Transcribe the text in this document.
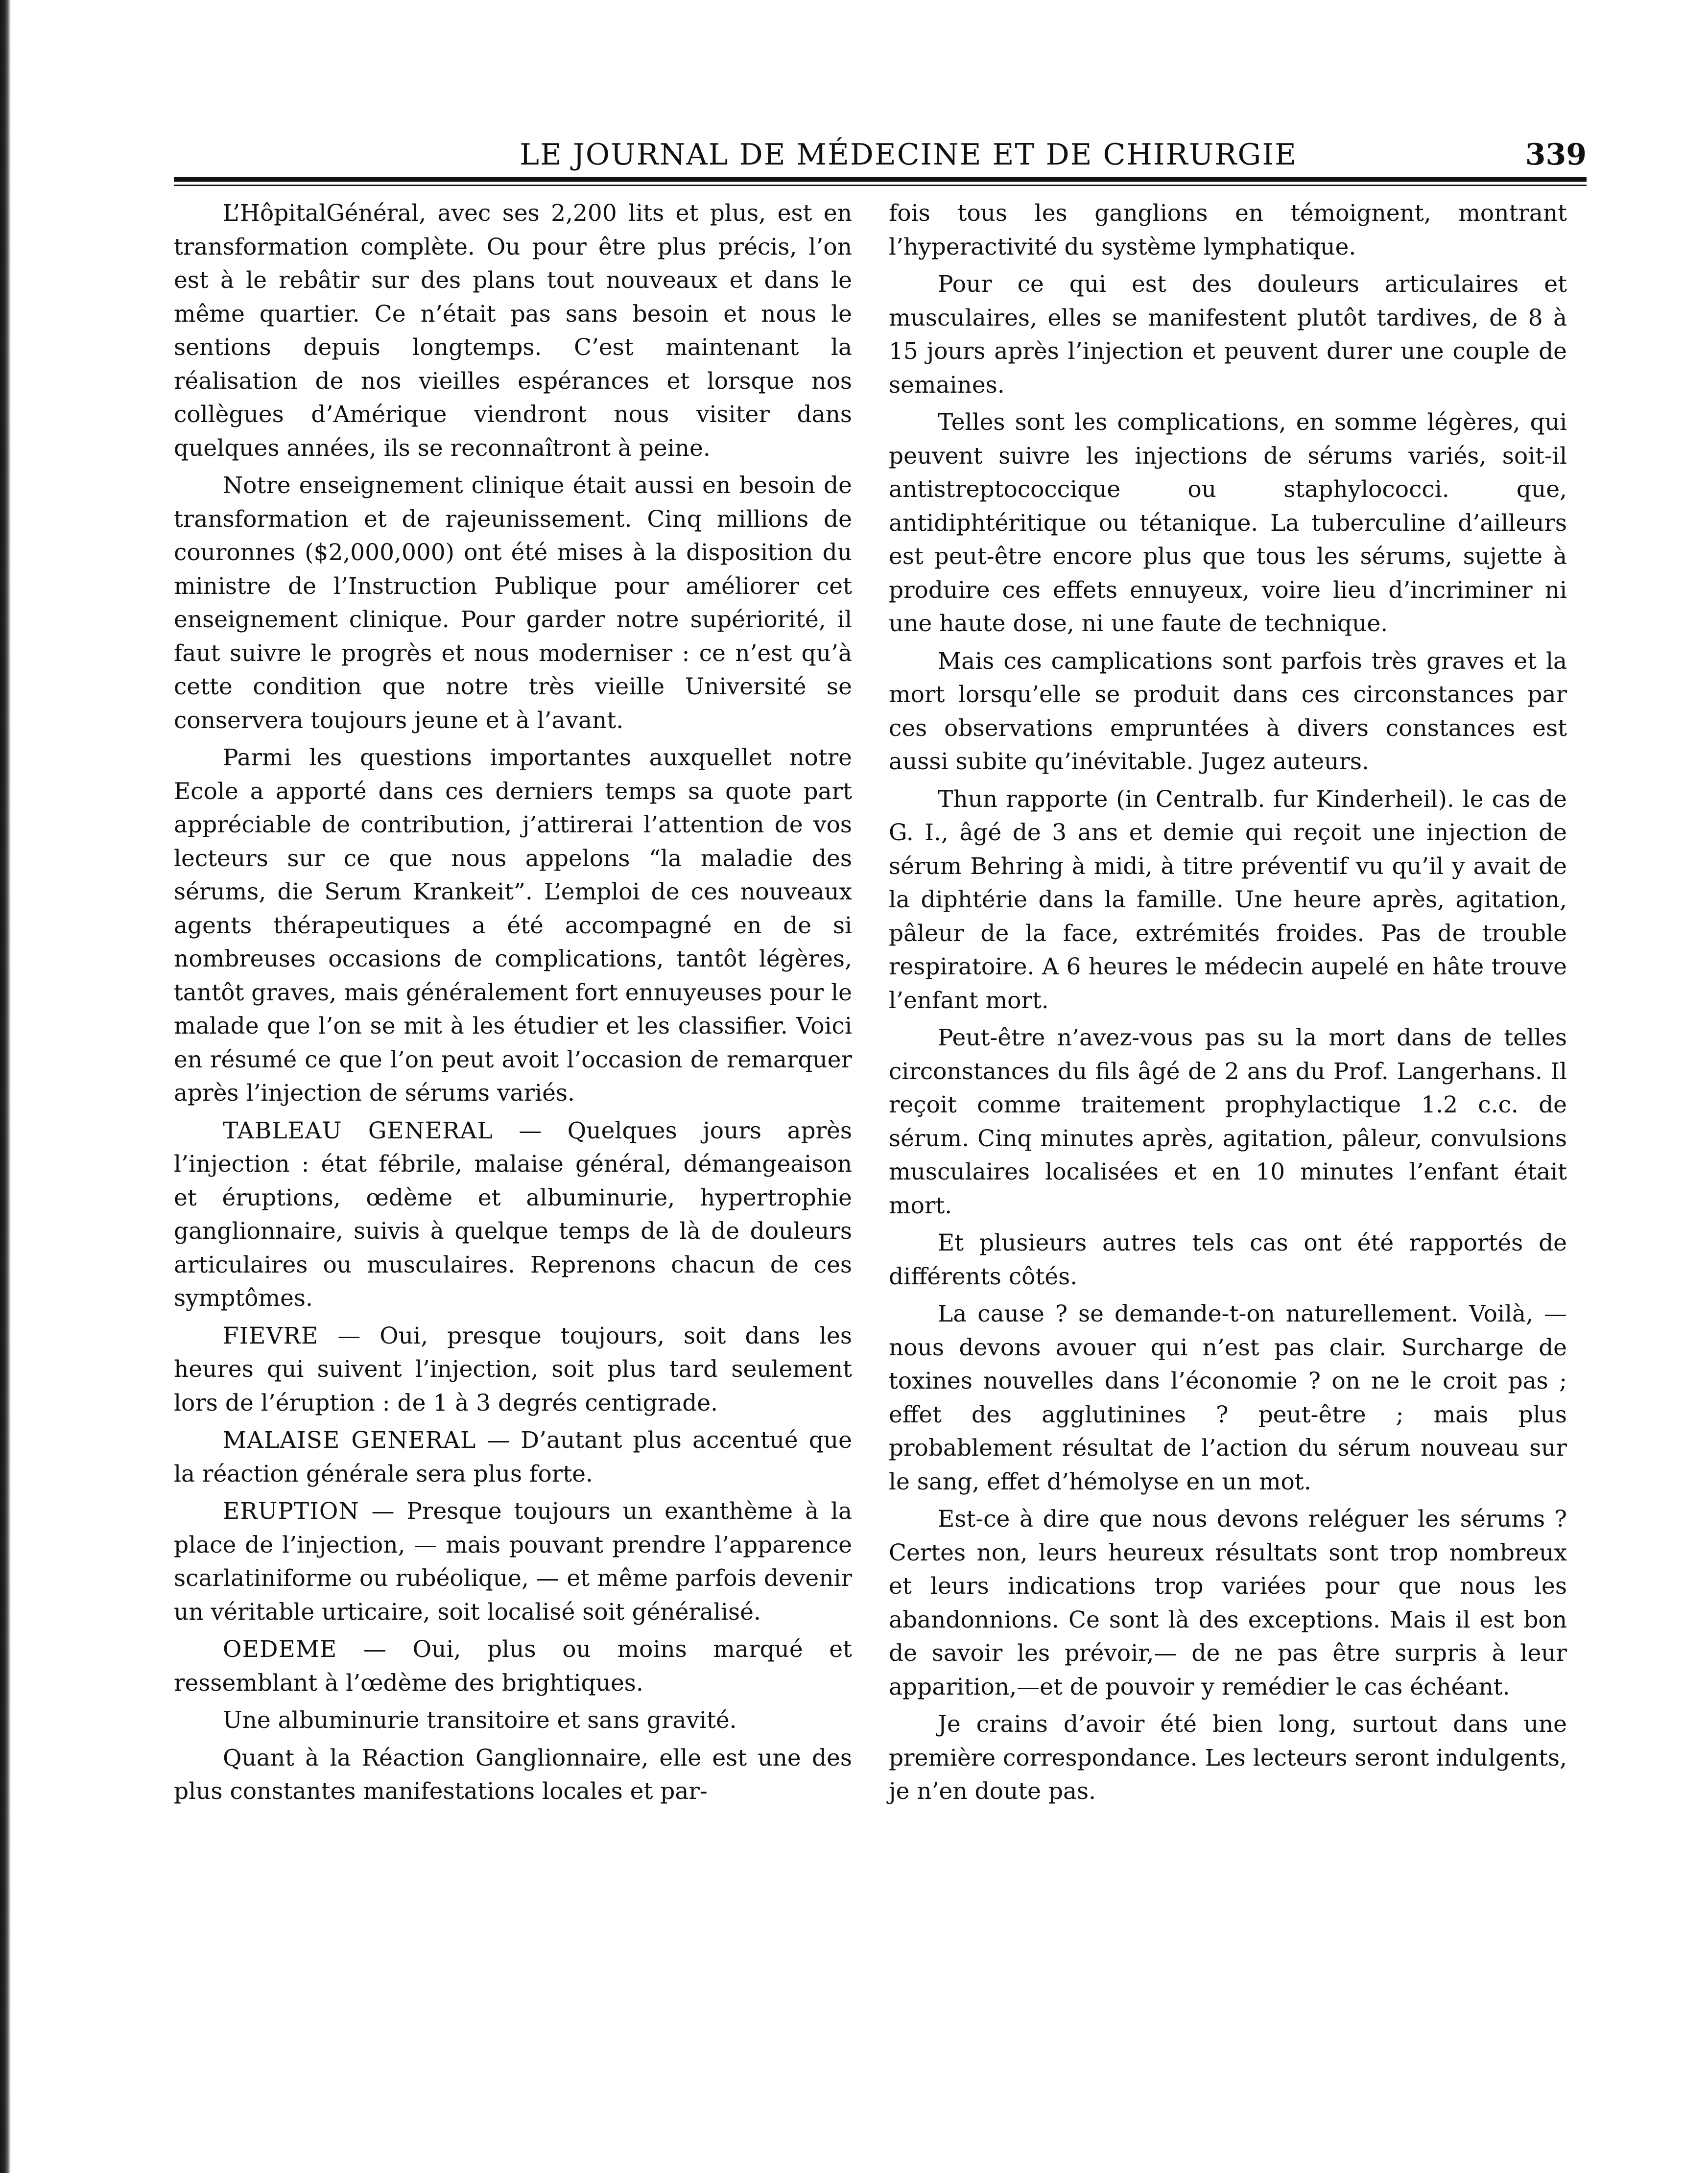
LE JOURNAL DE MÉDECINE ET DE CHIRURGIE	339

L’HôpitalGénéral, avec ses 2,200 lits et plus, est en transformation complète. Ou pour être plus précis, l’on est à le rebâtir sur des plans tout nouveaux et dans le même quartier. Ce n’était pas sans besoin et nous le sentions depuis longtemps. C’est maintenant la réalisation de nos vieilles espérances et lorsque nos collègues d’Amérique viendront nous visiter dans quelques années, ils se reconnaîtront à peine.

Notre enseignement clinique était aussi en besoin de transformation et de rajeunissement. Cinq millions de couronnes ($2,000,000) ont été mises à la disposition du ministre de l’Instruction Publique pour améliorer cet enseignement clinique. Pour garder notre supériorité, il faut suivre le progrès et nous moderniser : ce n’est qu’à cette condition que notre très vieille Université se conservera toujours jeune et à l’avant.

Parmi les questions importantes auxquellet notre Ecole a apporté dans ces derniers temps sa quote part appréciable de contribution, j’attirerai l’attention de vos lecteurs sur ce que nous appelons “la maladie des sérums, die Serum Krankeit”. L’emploi de ces nouveaux agents thérapeutiques a été accompagné en de si nombreuses occasions de complications, tantôt légères, tantôt graves, mais généralement fort ennuyeuses pour le malade que l’on se mit à les étudier et les classifier. Voici en résumé ce que l’on peut avoit l’occasion de remarquer après l’injection de sérums variés.

TABLEAU GENERAL — Quelques jours après l’injection : état fébrile, malaise général, démangeaison et éruptions, œdème et albuminurie, hypertrophie ganglionnaire, suivis à quelque temps de là de douleurs articulaires ou musculaires. Reprenons chacun de ces symptômes.

FIEVRE — Oui, presque toujours, soit dans les heures qui suivent l’injection, soit plus tard seulement lors de l’éruption : de 1 à 3 degrés centigrade.

MALAISE GENERAL — D’autant plus accentué que la réaction générale sera plus forte.

ERUPTION — Presque toujours un exanthème à la place de l’injection, — mais pouvant prendre l’apparence scarlatiniforme ou rubéolique, — et même parfois devenir un véritable urticaire, soit localisé soit généralisé.

OEDEME — Oui, plus ou moins marqué et ressemblant à l’œdème des brightiques.

Une albuminurie transitoire et sans gravité.

Quant à la Réaction Ganglionnaire, elle est une des plus constantes manifestations locales et par-

fois tous les ganglions en témoignent, montrant l’hyperactivité du système lymphatique.

Pour ce qui est des douleurs articulaires et musculaires, elles se manifestent plutôt tardives, de 8 à 15 jours après l’injection et peuvent durer une couple de semaines.

Telles sont les complications, en somme légères, qui peuvent suivre les injections de sérums variés, soit-il antistreptococcique ou staphylococci. que, antidiphtéritique ou tétanique. La tuberculine d’ailleurs est peut-être encore plus que tous les sérums, sujette à produire ces effets ennuyeux, voire lieu d’incriminer ni une haute dose, ni une faute de technique.

Mais ces camplications sont parfois très graves et la mort lorsqu’elle se produit dans ces circonstances par ces observations empruntées à divers constances est aussi subite qu’inévitable. Jugez auteurs.

Thun rapporte (in Centralb. fur Kinderheil). le cas de G. I., âgé de 3 ans et demie qui reçoit une injection de sérum Behring à midi, à titre préventif vu qu’il y avait de la diphtérie dans la famille. Une heure après, agitation, pâleur de la face, extrémités froides. Pas de trouble respiratoire. A 6 heures le médecin aupelé en hâte trouve l’enfant mort.

Peut-être n’avez-vous pas su la mort dans de telles circonstances du fils âgé de 2 ans du Prof. Langerhans. Il reçoit comme traitement prophylactique 1.2 c.c. de sérum. Cinq minutes après, agitation, pâleur, convulsions musculaires localisées et en 10 minutes l’enfant était mort.

Et plusieurs autres tels cas ont été rapportés de différents côtés.

La cause ? se demande-t-on naturellement. Voilà, — nous devons avouer qui n’est pas clair. Surcharge de toxines nouvelles dans l’économie ? on ne le croit pas ; effet des agglutinines ? peut-être ; mais plus probablement résultat de l’action du sérum nouveau sur le sang, effet d’hémolyse en un mot.

Est-ce à dire que nous devons reléguer les sérums ? Certes non, leurs heureux résultats sont trop nombreux et leurs indications trop variées pour que nous les abandonnions. Ce sont là des exceptions. Mais il est bon de savoir les prévoir,— de ne pas être surpris à leur apparition,—et de pouvoir y remédier le cas échéant.

Je crains d’avoir été bien long, surtout dans une première correspondance. Les lecteurs seront indulgents, je n’en doute pas.
